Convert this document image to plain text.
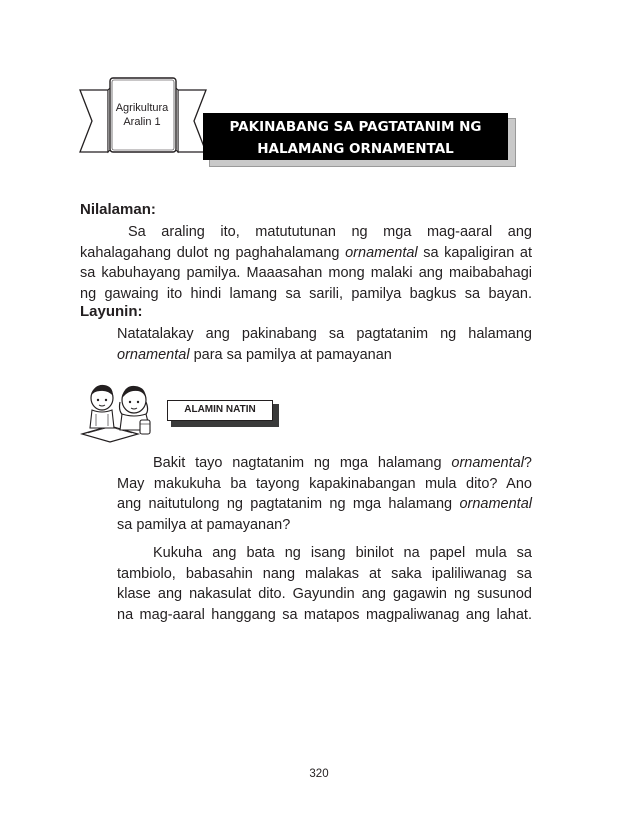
Agrikultura
Aralin 1	PAKINABANG SA PAGTATANIM NG
HALAMANG ORNAMENTAL
Nilalaman:
Sa araling ito, matututunan ng mga mag-aaral ang
kahalagahang dulot ng paghahalamang ornamental sa kapaligiran at
sa kabuhayang pamilya. Maaasahan mong malaki ang maibabahagi
ng gawaing ito hindi lamang sa sarili, pamilya bagkus sa bayan.
Layunin:
Natatalakay ang pakinabang sa pagtatanim ng halamang
ornamental para sa pamilya at pamayanan
ALAMIN NATIN
Bakit tayo nagtatanim ng mga halamang ornamental?
May makukuha ba tayong kapakinabangan mula dito? Ano
ang naitutulong ng pagtatanim ng mga halamang ornamental
sa pamilya at pamayanan?
Kukuha ang bata ng isang binilot na papel mula sa
tambiolo, babasahin nang malakas at saka ipaliliwanag sa
klase ang nakasulat dito. Gayundin ang gagawin ng susunod
na mag-aaral hanggang sa matapos magpaliwanag ang lahat.
320
